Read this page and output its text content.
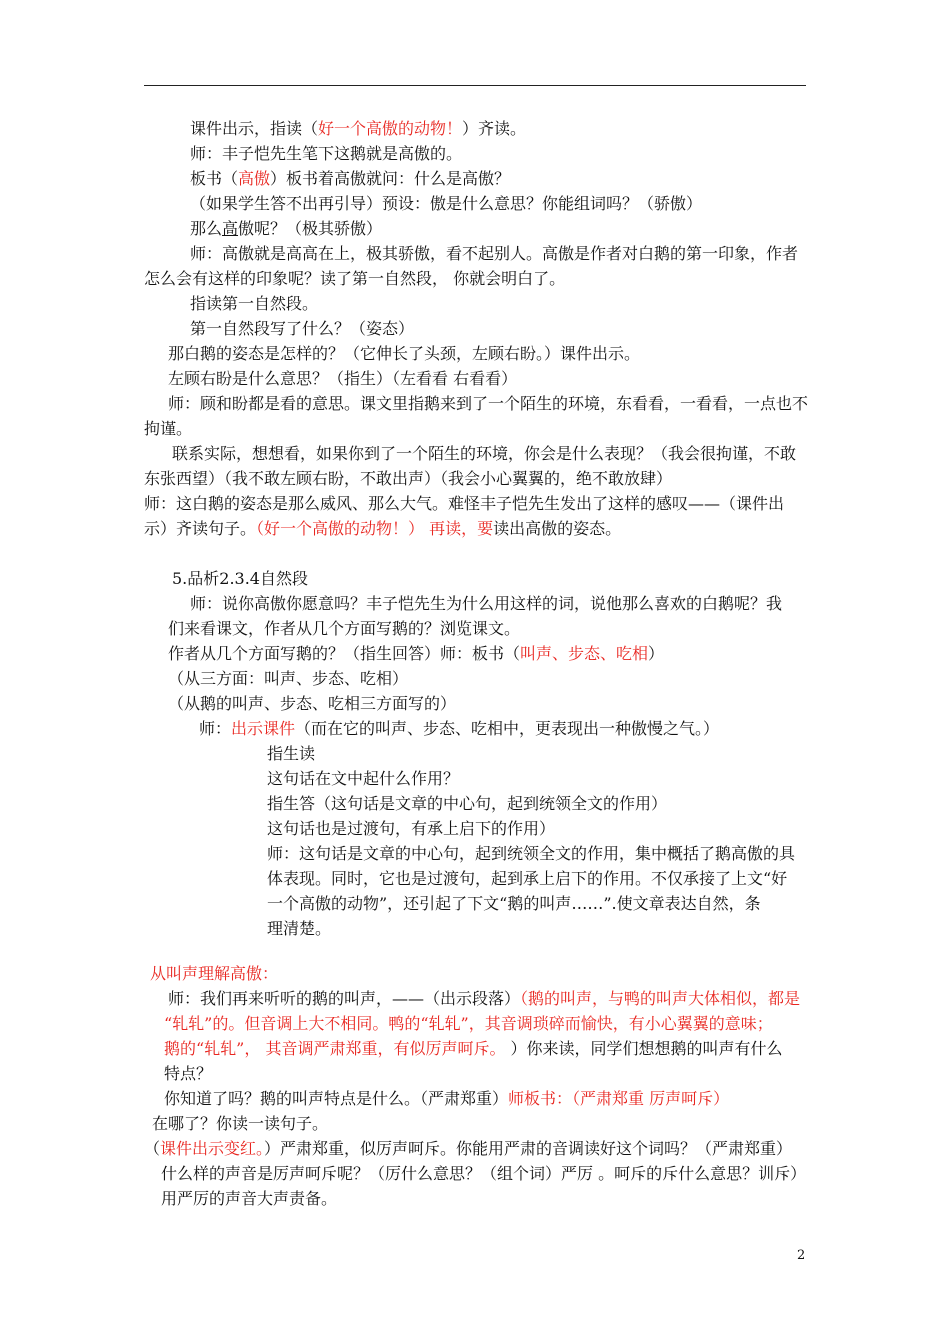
课件出示，指读（好一个高傲的动物！）齐读。

师：丰子恺先生笔下这鹅就是高傲的。

板书（高傲）板书着高傲就问：什么是高傲？

（如果学生答不出再引导）预设：傲是什么意思？你能组词吗？（骄傲）

那么高傲呢？（极其骄傲）

师：高傲就是高高在上，极其骄傲，看不起别人。高傲是作者对白鹅的第一印象，作者

怎么会有这样的印象呢？读了第一自然段， 你就会明白了。

指读第一自然段。

第一自然段写了什么？（姿态）

那白鹅的姿态是怎样的？（它伸长了头颈，左顾右盼。）课件出示。

左顾右盼是什么意思？（指生）（左看看 右看看）

师：顾和盼都是看的意思。课文里指鹅来到了一个陌生的环境，东看看，一看看，一点也不

拘谨。

联系实际，想想看，如果你到了一个陌生的环境，你会是什么表现？（我会很拘谨，不敢

东张西望）（我不敢左顾右盼，不敢出声）（我会小心翼翼的，绝不敢放肆）

师：这白鹅的姿态是那么威风、那么大气。难怪丰子恺先生发出了这样的感叹——（课件出

示）齐读句子。（好一个高傲的动物！） 再读，要读出高傲的姿态。

5.品析2.3.4自然段

师：说你高傲你愿意吗？丰子恺先生为什么用这样的词，说他那么喜欢的白鹅呢？我

们来看课文，作者从几个方面写鹅的？浏览课文。

作者从几个方面写鹅的？（指生回答）师：板书（叫声、步态、吃相）

（从三方面：叫声、步态、吃相）

（从鹅的叫声、步态、吃相三方面写的）

师：出示课件（而在它的叫声、步态、吃相中，更表现出一种傲慢之气。）

指生读

这句话在文中起什么作用？

指生答（这句话是文章的中心句，起到统领全文的作用）

这句话也是过渡句，有承上启下的作用）

师：这句话是文章的中心句，起到统领全文的作用，集中概括了鹅高傲的具

体表现。同时，它也是过渡句，起到承上启下的作用。不仅承接了上文“好

一个高傲的动物”，还引起了下文“鹅的叫声……”.使文章表达自然，条

理清楚。

从叫声理解高傲：

师：我们再来听听的鹅的叫声，——（出示段落）（鹅的叫声，与鸭的叫声大体相似，都是

“轧轧”的。但音调上大不相同。鸭的“轧轧”，其音调琐碎而愉快，有小心翼翼的意味；

鹅的“轧轧”， 其音调严肃郑重，有似厉声呵斥。 ）你来读，同学们想想鹅的叫声有什么

特点？

你知道了吗？鹅的叫声特点是什么。（严肃郑重）师板书：（严肃郑重 厉声呵斥）

在哪了？你读一读句子。

（课件出示变红。）严肃郑重，似厉声呵斥。你能用严肃的音调读好这个词吗？（严肃郑重）

什么样的声音是厉声呵斥呢？（厉什么意思？（组个词）严厉 。呵斥的斥什么意思？训斥）

用严厉的声音大声责备。

2
